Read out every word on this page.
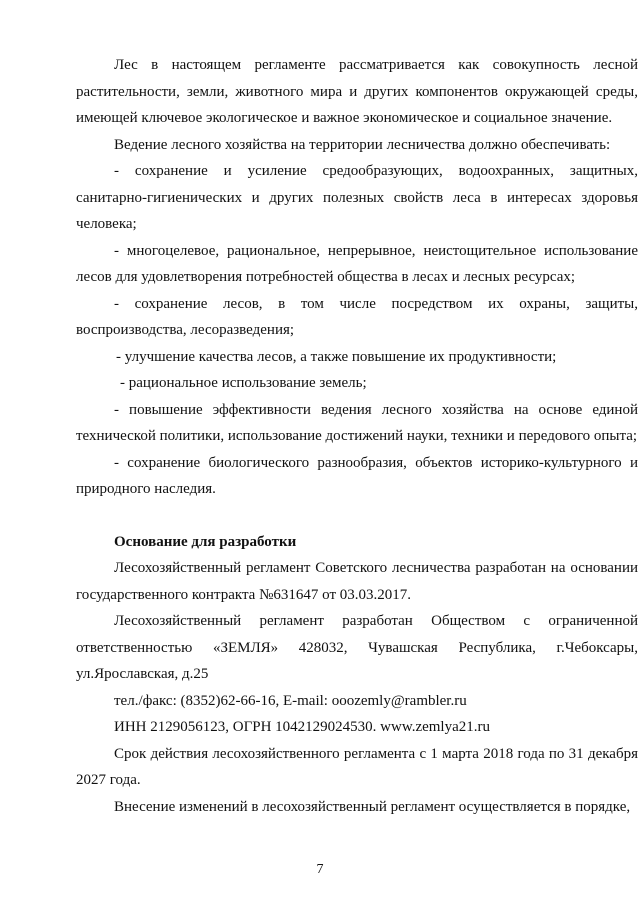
Лес в настоящем регламенте рассматривается как совокупность лесной растительности, земли, животного мира и других компонентов окружающей среды, имеющей ключевое экологическое и важное экономическое и социальное значение.

Ведение лесного хозяйства на территории лесничества должно обеспечивать:

- сохранение и усиление средообразующих, водоохранных, защитных, санитарно-гигиенических и других полезных свойств леса в интересах здоровья человека;

- многоцелевое, рациональное, непрерывное, неистощительное использование лесов для удовлетворения потребностей общества в лесах и лесных ресурсах;

- сохранение лесов, в том числе посредством их охраны, защиты, воспроизводства, лесоразведения;

- улучшение качества лесов, а также повышение их продуктивности;

- рациональное использование земель;

- повышение эффективности ведения лесного хозяйства на основе единой технической политики, использование достижений науки, техники и передового опыта;

- сохранение биологического разнообразия, объектов историко-культурного и природного наследия.

Основание для разработки

Лесохозяйственный регламент Советского лесничества разработан на основании государственного контракта №631647 от 03.03.2017.

Лесохозяйственный регламент разработан Обществом с ограниченной ответственностью «ЗЕМЛЯ» 428032, Чувашская Республика, г.Чебоксары, ул.Ярославская, д.25

тел./факс: (8352)62-66-16, E-mail: ooozemly@rambler.ru

ИНН 2129056123, ОГРН 1042129024530. www.zemlya21.ru

Срок действия лесохозяйственного регламента с 1 марта 2018 года по 31 декабря 2027 года.

Внесение изменений в лесохозяйственный регламент осуществляется в порядке,

7
